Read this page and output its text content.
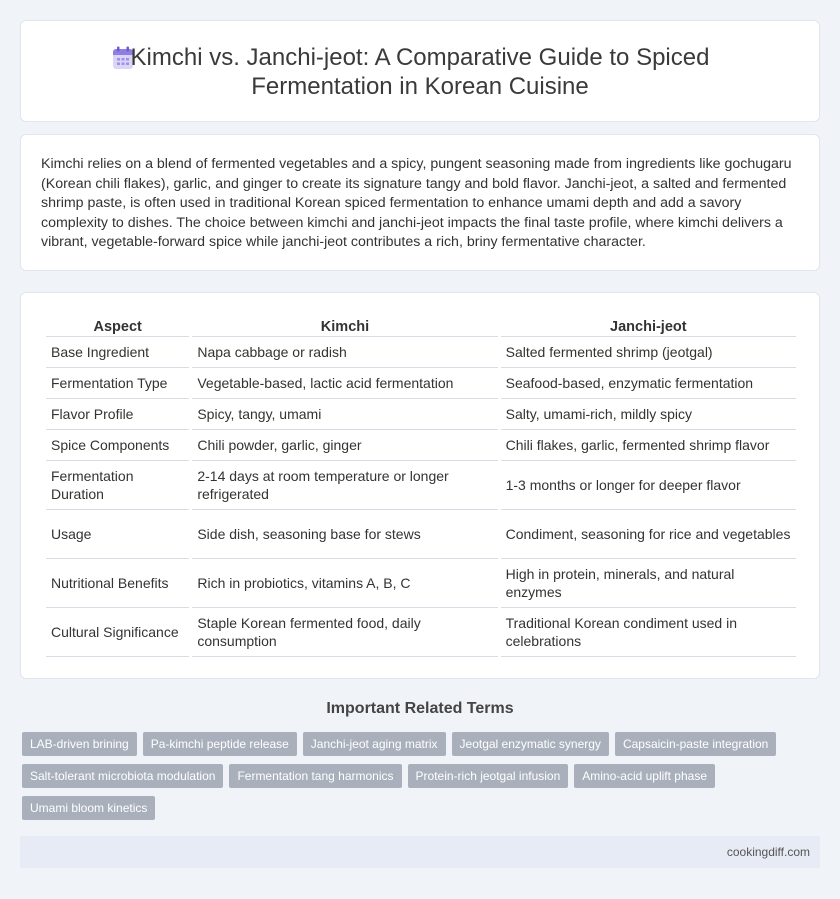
Kimchi vs. Janchi-jeot: A Comparative Guide to Spiced Fermentation in Korean Cuisine

Kimchi relies on a blend of fermented vegetables and a spicy, pungent seasoning made from ingredients like gochugaru (Korean chili flakes), garlic, and ginger to create its signature tangy and bold flavor. Janchi-jeot, a salted and fermented shrimp paste, is often used in traditional Korean spiced fermentation to enhance umami depth and add a savory complexity to dishes. The choice between kimchi and janchi-jeot impacts the final taste profile, where kimchi delivers a vibrant, vegetable-forward spice while janchi-jeot contributes a rich, briny fermentative character.

Aspect	Kimchi	Janchi-jeot
Base Ingredient	Napa cabbage or radish	Salted fermented shrimp (jeotgal)
Fermentation Type	Vegetable-based, lactic acid fermentation	Seafood-based, enzymatic fermentation
Flavor Profile	Spicy, tangy, umami	Salty, umami-rich, mildly spicy
Spice Components	Chili powder, garlic, ginger	Chili flakes, garlic, fermented shrimp flavor
Fermentation Duration	2-14 days at room temperature or longer refrigerated	1-3 months or longer for deeper flavor
Usage	Side dish, seasoning base for stews	Condiment, seasoning for rice and vegetables
Nutritional Benefits	Rich in probiotics, vitamins A, B, C	High in protein, minerals, and natural enzymes
Cultural Significance	Staple Korean fermented food, daily consumption	Traditional Korean condiment used in celebrations
Important Related Terms
LAB-driven brining	Pa-kimchi peptide release	Janchi-jeot aging matrix	Jeotgal enzymatic synergy	Capsaicin-paste integration
Salt-tolerant microbiota modulation	Fermentation tang harmonics	Protein-rich jeotgal infusion	Amino-acid uplift phase
Umami bloom kinetics
cookingdiff.com
